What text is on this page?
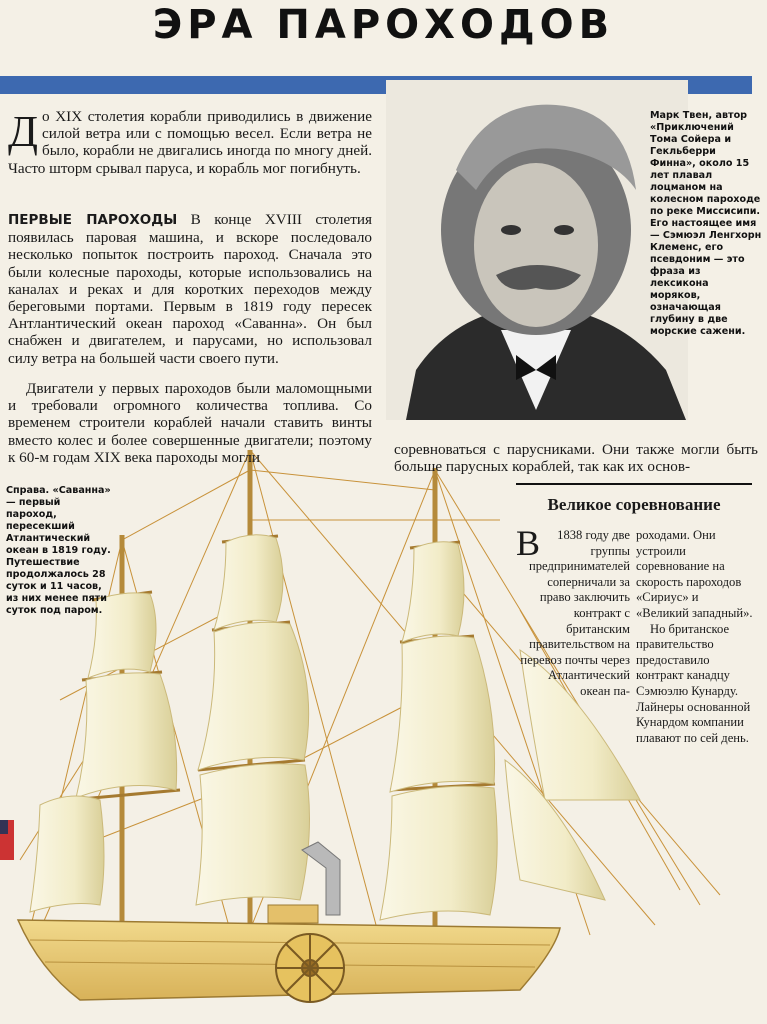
ЭРА ПАРОХОДОВ

До XIX столетия корабли приводились в движение силой ветра или с помощью весел. Если ветра не было, корабли не двигались иногда по многу дней. Часто шторм срывал паруса, и корабль мог погибнуть.

ПЕРВЫЕ ПАРОХОДЫ В конце XVIII столетия появилась паровая машина, и вскоре последовало несколько попыток построить пароход. Сначала это были колесные пароходы, которые использовались на каналах и реках и для коротких переходов между береговыми портами. Первым в 1819 году пересек Антлантический океан пароход «Саванна». Он был снабжен и двигателем, и парусами, но использовал силу ветра на большей части своего пути.

Двигатели у первых пароходов были маломощными и требовали огромного количества топлива. Со временем строители кораблей начали ставить винты вместо колес и более совершенные двигатели; поэтому к 60-м годам XIX века пароходы могли	соревноваться с парусниками. Они также могли быть больше парусных кораблей, так как их основ-

Марк Твен, автор «Приключений Тома Сойера и Гекльберри Финна», около 15 лет плавал лоцманом на колесном пароходе по реке Миссисипи. Его настоящее имя — Сэмюэл Ленгхорн Клеменс, его псевдоним — это фраза из лексикона моряков, означающая глубину в две морские сажени.
Великое соревнование
В 1838 году две группы предпринимателей соперничали за право заключить контракт с британским правительством на перевоз почты через Атлантический океан па-

роходами. Они устроили соревнование на скорость пароходов «Сириус» и «Великий западный».

Но британское правительство предоставило контракт канадцу Сэмюэлю Кунарду. Лайнеры основанной Кунардом компании плавают по сей день.

Справа. «Саванна» — первый пароход, пересекший Атлантический океан в 1819 году. Путешествие продолжалось 28 суток и 11 часов, из них менее пяти суток под паром.
